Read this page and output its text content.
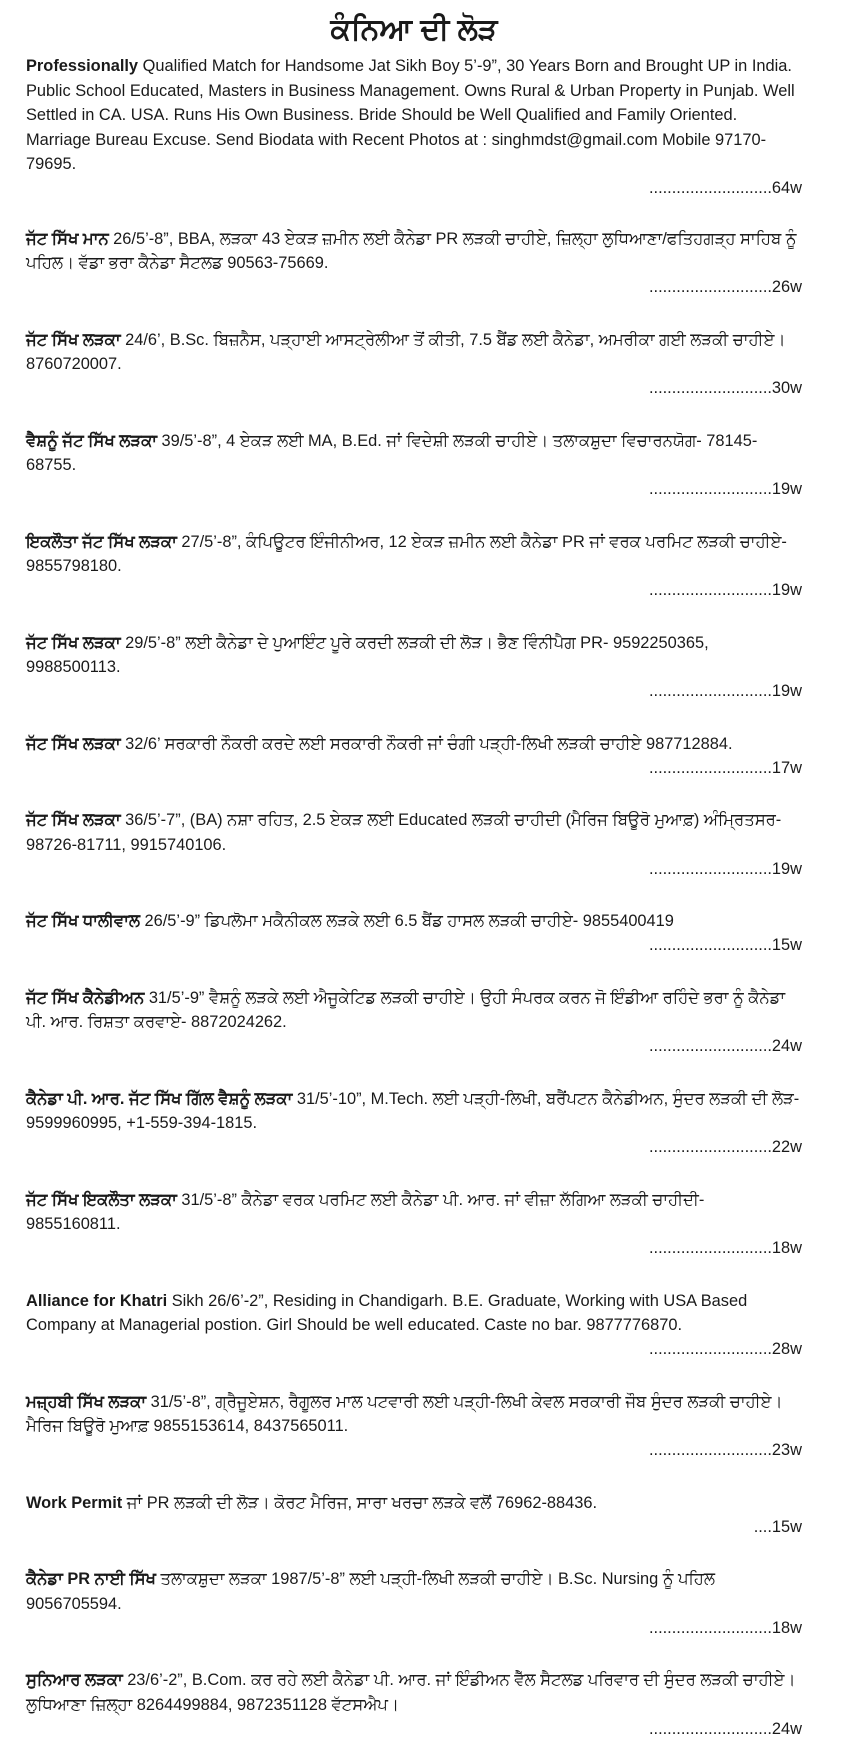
ਕੰਨਿਆ ਦੀ ਲੋੜ
Professionally Qualified Match for Handsome Jat Sikh Boy 5’-9”, 30 Years Born and Brought UP in India. Public School Educated, Masters in Business Management. Owns Rural & Urban Property in Punjab. Well Settled in CA. USA. Runs His Own Business. Bride Should be Well Qualified and Family Oriented. Marriage Bureau Excuse. Send Biodata with Recent Photos at : singhmdst@gmail.com Mobile 97170-79695.
...........................64w
ਜੱਟ ਸਿੱਖ ਮਾਨ 26/5’-8”, BBA, ਲੜਕਾ 43 ਏਕੜ ਜ਼ਮੀਨ ਲਈ ਕੈਨੇਡਾ PR ਲੜਕੀ ਚਾਹੀਏ, ਜ਼ਿਲ੍ਹਾ ਲੁਧਿਆਣਾ/ਫਤਿਹਗੜ੍ਹ ਸਾਹਿਬ ਨੂੰ ਪਹਿਲ। ਵੱਡਾ ਭਰਾ ਕੈਨੇਡਾ ਸੈਟਲਡ 90563-75669.
...........................26w
ਜੱਟ ਸਿੱਖ ਲੜਕਾ 24/6’, B.Sc. ਬਿਜ਼ਨੈਸ, ਪੜ੍ਹਾਈ ਆਸਟ੍ਰੇਲੀਆ ਤੋਂ ਕੀਤੀ, 7.5 ਬੈਂਡ ਲਈ ਕੈਨੇਡਾ, ਅਮਰੀਕਾ ਗਈ ਲੜਕੀ ਚਾਹੀਏ। 8760720007.
...........................30w
ਵੈਸ਼ਨੂੰ ਜੱਟ ਸਿੱਖ ਲੜਕਾ 39/5’-8”, 4 ਏਕੜ ਲਈ MA, B.Ed. ਜਾਂ ਵਿਦੇਸ਼ੀ ਲੜਕੀ ਚਾਹੀਏ। ਤਲਾਕਸ਼ੁਦਾ ਵਿਚਾਰਨਯੋਗ- 78145-68755.
...........................19w
ਇਕਲੌਤਾ ਜੱਟ ਸਿੱਖ ਲੜਕਾ 27/5’-8”, ਕੰਪਿਊਟਰ ਇੰਜੀਨੀਅਰ, 12 ਏਕੜ ਜ਼ਮੀਨ ਲਈ ਕੈਨੇਡਾ PR ਜਾਂ ਵਰਕ ਪਰਮਿਟ ਲੜਕੀ ਚਾਹੀਏ- 9855798180.
...........................19w
ਜੱਟ ਸਿੱਖ ਲੜਕਾ 29/5’-8” ਲਈ ਕੈਨੇਡਾ ਦੇ ਪੁਆਇੰਟ ਪੂਰੇ ਕਰਦੀ ਲੜਕੀ ਦੀ ਲੋੜ। ਭੈਣ ਵਿੰਨੀਪੈਗ PR- 9592250365, 9988500113.
...........................19w
ਜੱਟ ਸਿੱਖ ਲੜਕਾ 32/6’ ਸਰਕਾਰੀ ਨੌਕਰੀ ਕਰਦੇ ਲਈ ਸਰਕਾਰੀ ਨੌਕਰੀ ਜਾਂ ਚੰਗੀ ਪੜ੍ਹੀ-ਲਿਖੀ ਲੜਕੀ ਚਾਹੀਏ 987712884.
...........................17w
ਜੱਟ ਸਿੱਖ ਲੜਕਾ 36/5’-7”, (BA) ਨਸ਼ਾ ਰਹਿਤ, 2.5 ਏਕੜ ਲਈ Educated ਲੜਕੀ ਚਾਹੀਦੀ (ਮੈਰਿਜ ਬਿਊਰੋ ਮੁਆਫ਼) ਅੰਮ੍ਰਿਤਸਰ- 98726-81711, 9915740106.
...........................19w
ਜੱਟ ਸਿੱਖ ਧਾਲੀਵਾਲ 26/5’-9” ਡਿਪਲੋਮਾ ਮਕੈਨੀਕਲ ਲੜਕੇ ਲਈ 6.5 ਬੈਂਡ ਹਾਸਲ ਲੜਕੀ ਚਾਹੀਏ- 9855400419
...........................15w
ਜੱਟ ਸਿੱਖ ਕੈਨੇਡੀਅਨ 31/5’-9” ਵੈਸ਼ਨੂੰ ਲੜਕੇ ਲਈ ਐਜੂਕੇਟਿਡ ਲੜਕੀ ਚਾਹੀਏ। ਉਹੀ ਸੰਪਰਕ ਕਰਨ ਜੋ ਇੰਡੀਆ ਰਹਿੰਦੇ ਭਰਾ ਨੂੰ ਕੈਨੇਡਾ ਪੀ. ਆਰ. ਰਿਸ਼ਤਾ ਕਰਵਾਏ- 8872024262.
...........................24w
ਕੈਨੇਡਾ ਪੀ. ਆਰ. ਜੱਟ ਸਿੱਖ ਗਿੱਲ ਵੈਸ਼ਨੂੰ ਲੜਕਾ 31/5’-10”, M.Tech. ਲਈ ਪੜ੍ਹੀ-ਲਿਖੀ, ਬਰੈਂਪਟਨ ਕੈਨੇਡੀਅਨ, ਸੁੰਦਰ ਲੜਕੀ ਦੀ ਲੋੜ- 9599960995, +1-559-394-1815.
...........................22w
ਜੱਟ ਸਿੱਖ ਇਕਲੌਤਾ ਲੜਕਾ 31/5’-8” ਕੈਨੇਡਾ ਵਰਕ ਪਰਮਿਟ ਲਈ ਕੈਨੇਡਾ ਪੀ. ਆਰ. ਜਾਂ ਵੀਜ਼ਾ ਲੱਗਿਆ ਲੜਕੀ ਚਾਹੀਦੀ- 9855160811.
...........................18w
Alliance for Khatri Sikh 26/6’-2”, Residing in Chandigarh. B.E. Graduate, Working with USA Based Company at Managerial postion. Girl Should be well educated. Caste no bar. 9877776870.
...........................28w
ਮਜ਼੍ਹਬੀ ਸਿੱਖ ਲੜਕਾ 31/5’-8”, ਗ੍ਰੈਜੂਏਸ਼ਨ, ਰੈਗੂਲਰ ਮਾਲ ਪਟਵਾਰੀ ਲਈ ਪੜ੍ਹੀ-ਲਿਖੀ ਕੇਵਲ ਸਰਕਾਰੀ ਜੌਬ ਸੁੰਦਰ ਲੜਕੀ ਚਾਹੀਏ। ਮੈਰਿਜ ਬਿਊਰੋ ਮੁਆਫ਼ 9855153614, 8437565011.
...........................23w
Work Permit ਜਾਂ PR ਲੜਕੀ ਦੀ ਲੋੜ। ਕੋਰਟ ਮੈਰਿਜ, ਸਾਰਾ ਖਰਚਾ ਲੜਕੇ ਵਲੋਂ 76962-88436.
....15w
ਕੈਨੇਡਾ PR ਨਾਈ ਸਿੱਖ ਤਲਾਕਸ਼ੁਦਾ ਲੜਕਾ 1987/5’-8” ਲਈ ਪੜ੍ਹੀ-ਲਿਖੀ ਲੜਕੀ ਚਾਹੀਏ। B.Sc. Nursing ਨੂੰ ਪਹਿਲ 9056705594.
...........................18w
ਸੁਨਿਆਰ ਲੜਕਾ 23/6’-2”, B.Com. ਕਰ ਰਹੇ ਲਈ ਕੈਨੇਡਾ ਪੀ. ਆਰ. ਜਾਂ ਇੰਡੀਅਨ ਵੈੱਲ ਸੈਟਲਡ ਪਰਿਵਾਰ ਦੀ ਸੁੰਦਰ ਲੜਕੀ ਚਾਹੀਏ। ਲੁਧਿਆਣਾ ਜ਼ਿਲ੍ਹਾ 8264499884, 9872351128 ਵੱਟਸਐਪ।
...........................24w
